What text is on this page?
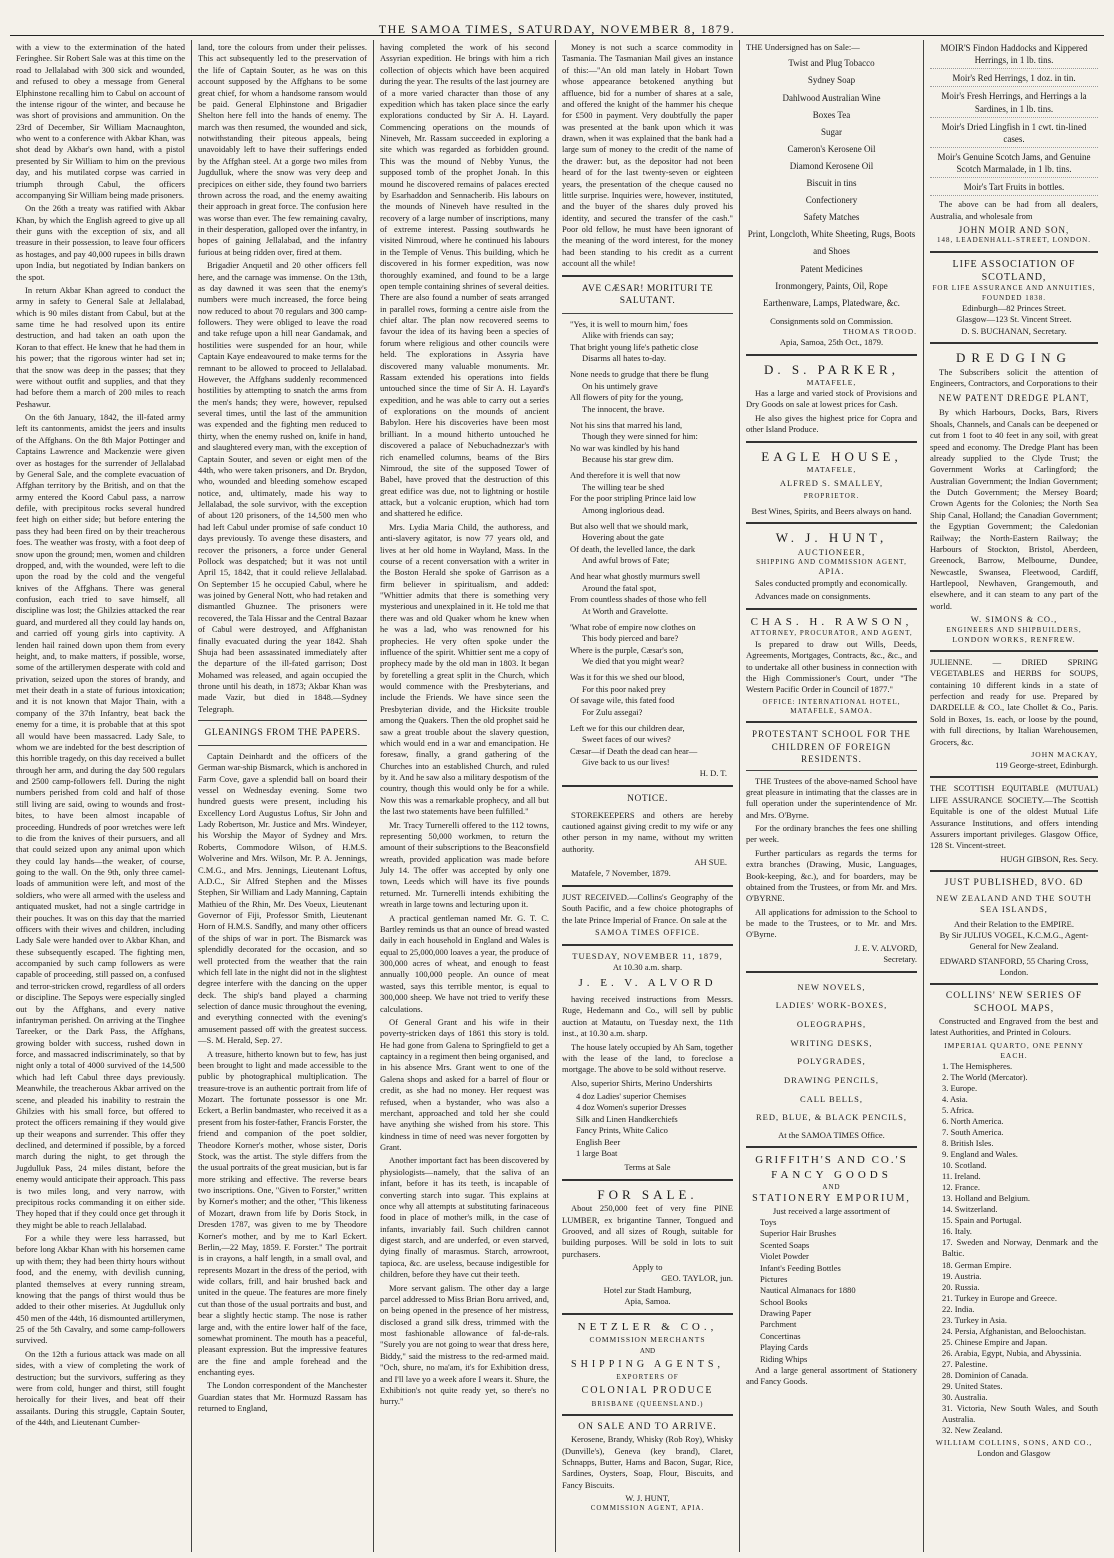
THE SAMOA TIMES, SATURDAY, NOVEMBER 8, 1879.

with a view to the extermination of the hated Feringhee. Sir Robert Sale was at this time on the road to Jellalabad with 300 sick and wounded, and refused to obey a message from General Elphinstone recalling him to Cabul on account of the intense rigour of the winter, and because he was short of provisions and ammunition. On the 23rd of December, Sir William Macnaughton, who went to a conference with Akbar Khan, was shot dead by Akbar's own hand, with a pistol presented by Sir William to him on the previous day, and his mutilated corpse was carried in triumph through Cabul, the officers accompanying Sir William being made prisoners.

On the 26th a treaty was ratified with Akbar Khan, by which the English agreed to give up all their guns with the exception of six, and all treasure in their possession, to leave four officers as hostages, and pay 40,000 rupees in bills drawn upon India, but negotiated by Indian bankers on the spot.

In return Akbar Khan agreed to conduct the army in safety to General Sale at Jellalabad, which is 90 miles distant from Cabul, but at the same time he had resolved upon its entire destruction, and had taken an oath upon the Koran to that effect. He knew that he had them in his power; that the rigorous winter had set in; that the snow was deep in the passes; that they were without outfit and supplies, and that they had before them a march of 200 miles to reach Peshawur.

On the 6th January, 1842, the ill-fated army left its cantonments, amidst the jeers and insults of the Affghans. On the 8th Major Pottinger and Captains Lawrence and Mackenzie were given over as hostages for the surrender of Jellalabad by General Sale, and the complete evacuation of Affghan territory by the British, and on that the army entered the Koord Cabul pass, a narrow defile, with precipitous rocks several hundred feet high on either side; but before entering the pass they had been fired on by their treacherous foes. The weather was frosty, with a foot deep of snow upon the ground; men, women and children dropped, and, with the wounded, were left to die upon the road by the cold and the vengeful knives of the Affghans. There was general confusion, each tried to save himself, all discipline was lost; the Ghilzies attacked the rear guard, and murdered all they could lay hands on, and carried off young girls into captivity. A lenden hail rained down upon them from every height, and, to make matters, if possible, worse, some of the artillerymen desperate with cold and privation, seized upon the stores of brandy, and met their death in a state of furious intoxication; and it is not known that Major Thain, with a company of the 37th Infantry, beat back the enemy for a time, it is probable that at this spot all would have been massacred. Lady Sale, to whom we are indebted for the best description of this horrible tragedy, on this day received a bullet through her arm, and during the day 500 regulars and 2500 camp-followers fell. During the night numbers perished from cold and half of those still living are said, owing to wounds and frost-bites, to have been almost incapable of proceeding. Hundreds of poor wretches were left to die from the knives of their pursuers, and all that could seized upon any animal upon which they could lay hands—the weaker, of course, going to the wall. On the 9th, only three camel-loads of ammunition were left, and most of the soldiers, who were all armed with the useless and antiquated musket, had not a single cartridge in their pouches. It was on this day that the married officers with their wives and children, including Lady Sale were handed over to Akbar Khan, and these subsequently escaped. The fighting men, accompanied by such camp followers as were capable of proceeding, still passed on, a confused and terror-stricken crowd, regardless of all orders or discipline. The Sepoys were especially singled out by the Affghans, and every native infantryman perished. On arriving at the Tinghee Tareeker, or the Dark Pass, the Affghans, growing bolder with success, rushed down in force, and massacred indiscriminately, so that by night only a total of 4000 survived of the 14,500 which had left Cabul three days previously. Meanwhile, the treacherous Akbar arrived on the scene, and pleaded his inability to restrain the Ghilzies with his small force, but offered to protect the officers remaining if they would give up their weapons and surrender. This offer they declined, and determined if possible, by a forced march during the night, to get through the Jugdulluk Pass, 24 miles distant, before the enemy would anticipate their approach. This pass is two miles long, and very narrow, with precipitous rocks commanding it on either side. They hoped that if they could once get through it they might be able to reach Jellalabad.

For a while they were less harrassed, but before long Akbar Khan with his horsemen came up with them; they had been thirty hours without food, and the enemy, with devilish cunning, planted themselves at every running stream, knowing that the pangs of thirst would thus be added to their other miseries. At Jugdulluk only 450 men of the 44th, 16 dismounted artillerymen, 25 of the 5th Cavalry, and some camp-followers survived.

On the 12th a furious attack was made on all sides, with a view of completing the work of destruction; but the survivors, suffering as they were from cold, hunger and thirst, still fought heroically for their lives, and beat off their assailants. During this struggle, Captain Souter, of the 44th, and Lieutenant Cumber-

land, tore the colours from under their pelisses. This act subsequently led to the preservation of the life of Captain Souter, as he was on this account supposed by the Affghans to be some great chief, for whom a handsome ransom would be paid. General Elphinstone and Brigadier Shelton here fell into the hands of enemy. The march was then resumed, the wounded and sick, notwithstanding their piteous appeals, being unavoidably left to have their sufferings ended by the Affghan steel. At a gorge two miles from Jugdulluk, where the snow was very deep and precipices on either side, they found two barriers thrown across the road, and the enemy awaiting their approach in great force. The confusion here was worse than ever. The few remaining cavalry, in their desperation, galloped over the infantry, in hopes of gaining Jellalabad, and the infantry furious at being ridden over, fired at them.

Brigadier Anquetil and 20 other officers fell here, and the carnage was immense. On the 13th, as day dawned it was seen that the enemy's numbers were much increased, the force being now reduced to about 70 regulars and 300 camp-followers. They were obliged to leave the road and take refuge upon a hill near Gandamak, and hostilities were suspended for an hour, while Captain Kaye endeavoured to make terms for the remnant to be allowed to proceed to Jellalabad. However, the Affghans suddenly recommenced hostilities by attempting to snatch the arms from the men's hands; they were, however, repulsed several times, until the last of the ammunition was expended and the fighting men reduced to thirty, when the enemy rushed on, knife in hand, and slaughtered every man, with the exception of Captain Souter, and seven or eight men of the 44th, who were taken prisoners, and Dr. Brydon, who, wounded and bleeding somehow escaped notice, and, ultimately, made his way to Jellalabad, the sole survivor, with the exception of about 120 prisoners, of the 14,500 men who had left Cabul under promise of safe conduct 10 days previously. To avenge these disasters, and recover the prisoners, a force under General Pollock was despatched; but it was not until April 15, 1842, that it could relieve Jellalabad. On September 15 he occupied Cabul, where he was joined by General Nott, who had retaken and dismantled Ghuznee. The prisoners were recovered, the Tala Hissar and the Central Bazaar of Cabul were destroyed, and Affghanistan finally evacuated during the year 1842. Shah Shuja had been assassinated immediately after the departure of the ill-fated garrison; Dost Mohamed was released, and again occupied the throne until his death, in 1873; Akbar Khan was made Vazir, but died in 1848.—Sydney Telegraph.

GLEANINGS FROM THE PAPERS.

Captain Deinhardt and the officers of the German war-ship Bismarck, which is anchored in Farm Cove, gave a splendid ball on board their vessel on Wednesday evening. Some two hundred guests were present, including his Excellency Lord Augustus Loftus, Sir John and Lady Robertson, Mr. Justice and Mrs. Windeyer, his Worship the Mayor of Sydney and Mrs. Roberts, Commodore Wilson, of H.M.S. Wolverine and Mrs. Wilson, Mr. P. A. Jennings, C.M.G., and Mrs. Jennings, Lieutenant Loftus, A.D.C., Sir Alfred Stephen and the Misses Stephen, Sir William and Lady Manning, Captain Mathieu of the Rhin, Mr. Des Voeux, Lieutenant Governor of Fiji, Professor Smith, Lieutenant Horn of H.M.S. Sandfly, and many other officers of the ships of war in port. The Bismarck was splendidly decorated for the occasion, and so well protected from the weather that the rain which fell late in the night did not in the slightest degree interfere with the dancing on the upper deck. The ship's band played a charming selection of dance music throughout the evening, and everything connected with the evening's amusement passed off with the greatest success.—S. M. Herald, Sep. 27.

A treasure, hitherto known but to few, has just been brought to light and made accessible to the public by photographical multiplication. The treasure-trove is an authentic portrait from life of Mozart. The fortunate possessor is one Mr. Eckert, a Berlin bandmaster, who received it as a present from his foster-father, Francis Forster, the friend and companion of the poet soldier, Theodore Korner's mother, whose sister, Doris Stock, was the artist. The style differs from the the usual portraits of the great musician, but is far more striking and effective. The reverse bears two inscriptions. One, "Given to Forster," written by Korner's mother; and the other, "This likeness of Mozart, drawn from life by Doris Stock, in Dresden 1787, was given to me by Theodore Korner's mother, and by me to Karl Eckert. Berlin,—22 May, 1859. F. Forster." The portrait is in crayons, a half length, in a small oval, and represents Mozart in the dress of the period, with wide collars, frill, and hair brushed back and united in the queue. The features are more finely cut than those of the usual portraits and bust, and bear a slightly hectic stamp. The nose is rather large and, with the entire lower half of the face, somewhat prominent. The mouth has a peaceful, pleasant expression. But the impressive features are the fine and ample forehead and the enchanting eyes.

The London correspondent of the Manchester Guardian states that Mr. Hormuzd Rassam has returned to England,

having completed the work of his second Assyrian expedition. He brings with him a rich collection of objects which have been acquired during the year. The results of the last journey are of a more varied character than those of any expedition which has taken place since the early explorations conducted by Sir A. H. Layard. Commencing operations on the mounds of Nineveh, Mr. Rassam succeeded in exploring a site which was regarded as forbidden ground. This was the mound of Nebby Yunus, the supposed tomb of the prophet Jonah. In this mound he discovered remains of palaces erected by Esarhaddon and Sennacherib. His labours on the mounds of Nineveh have resulted in the recovery of a large number of inscriptions, many of extreme interest. Passing southwards he visited Nimroud, where he continued his labours in the Temple of Venus. This building, which he discovered in his former expedition, was now thoroughly examined, and found to be a large open temple containing shrines of several deities. There are also found a number of seats arranged in parallel rows, forming a centre aisle from the chief altar. The plan now recovered seems to favour the idea of its having been a species of forum where religious and other councils were held. The explorations in Assyria have discovered many valuable monuments. Mr. Rassam extended his operations into fields untouched since the time of Sir A. H. Layard's expedition, and he was able to carry out a series of explorations on the mounds of ancient Babylon. Here his discoveries have been most brilliant. In a mound hitherto untouched he discovered a palace of Nebuchadnezzar's with rich enamelled columns, beams of the Birs Nimroud, the site of the supposed Tower of Babel, have proved that the destruction of this great edifice was due, not to lightning or hostile attack, but a volcanic eruption, which had torn and shattered he edifice.

Mrs. Lydia Maria Child, the authoress, and anti-slavery agitator, is now 77 years old, and lives at her old home in Wayland, Mass. In the course of a recent conversation with a writer in the Boston Herald she spoke of Garrison as a firm believer in spiritualism, and added: "Whittier admits that there is something very mysterious and unexplained in it. He told me that there was and old Quaker whom he knew when he was a lad, who was renowned for his prophecies. He very often spoke under the influence of the spirit. Whittier sent me a copy of prophecy made by the old man in 1803. It began by foretelling a great split in the Church, which would commence with the Presbyterians, and include the Friends. We have since seen the Presbyterian divide, and the Hicksite trouble among the Quakers. Then the old prophet said he saw a great trouble about the slavery question, which would end in a war and emancipation. He foresaw, finally, a grand gathering of the Churches into an established Church, and ruled by it. And he saw also a military despotism of the country, though this would only be for a while. Now this was a remarkable prophecy, and all but the last two statements have been fulfilled."

Mr. Tracy Turnerelli offered to the 112 towns, representing 50,000 workmen, to return the amount of their subscriptions to the Beaconsfield wreath, provided application was made before July 14. The offer was accepted by only one town, Leeds which will have its five pounds returned. Mr. Turnerelli intends exhibiting the wreath in large towns and lecturing upon it.

A practical gentleman named Mr. G. T. C. Bartley reminds us that an ounce of bread wasted daily in each household in England and Wales is equal to 25,000,000 loaves a year, the produce of 300,000 acres of wheat, and enough to feast annually 100,000 people. An ounce of meat wasted, says this terrible mentor, is equal to 300,000 sheep. We have not tried to verify these calculations.

Of General Grant and his wife in their poverty-stricken days of 1861 this story is told. He had gone from Galena to Springfield to get a captaincy in a regiment then being organised, and in his absence Mrs. Grant went to one of the Galena shops and asked for a barrel of flour or credit, as she had no money. Her request was refused, when a bystander, who was also a merchant, approached and told her she could have anything she wished from his store. This kindness in time of need was never forgotten by Grant.

Another important fact has been discovered by physiologists—namely, that the saliva of an infant, before it has its teeth, is incapable of converting starch into sugar. This explains at once why all attempts at substituting farinaceous food in place of mother's milk, in the case of infants, invariably fail. Such children cannot digest starch, and are underfed, or even starved, dying finally of marasmus. Starch, arrowroot, tapioca, &c. are useless, because indigestible for children, before they have cut their teeth.

More servant galism. The other day a large parcel addressed to Miss Brian Boru arrived, and, on being opened in the presence of her mistress, disclosed a grand silk dress, trimmed with the most fashionable allowance of fal-de-rals. "Surely you are not going to wear that dress here, Biddy," said the mistress to the red-armed maid. "Och, shure, no ma'am, it's for Exhibition dress, and I'll lave yo a week afore I wears it. Shure, the Exhibition's not quite ready yet, so there's no hurry."

Money is not such a scarce commodity in Tasmania. The Tasmanian Mail gives an instance of this:—"An old man lately in Hobart Town whose appearance betokened anything but affluence, bid for a number of shares at a sale, and offered the knight of the hammer his cheque for £500 in payment. Very doubtfully the paper was presented at the bank upon which it was drawn, when it was explained that the bank had a large sum of money to the credit of the name of the drawer: but, as the depositor had not been heard of for the last twenty-seven or eighteen years, the presentation of the cheque caused no little surprise. Inquiries were, however, instituted, and the buyer of the shares duly proved his identity, and secured the transfer of the cash." Poor old fellow, he must have been ignorant of the meaning of the word interest, for the money had been standing to his credit as a current account all the while!

AVE CÆSAR! MORITURI TE SALUTANT.

"Yes, it is well to mourn him,' foes

Alike with friends can say;

That bright young life's pathetic close

Disarms all hates to-day.

None needs to grudge that there be flung

On his untimely grave

All flowers of pity for the young,

The innocent, the brave.

Not his sins that marred his land,

Though they were sinned for him:

No war was kindled by his hand

Because his star grew dim.

And therefore it is well that now

The willing tear be shed

For the poor stripling Prince laid low

Among inglorious dead.

But also well that we should mark,

Hovering about the gate

Of death, the levelled lance, the dark

And awful brows of Fate;

And hear what ghostly murmurs swell

Around the fatal spot,

From countless shades of those who fell

At Worth and Gravelotte.

'What robe of empire now clothes on

This body pierced and bare?

Where is the purple, Cæsar's son,

We died that you might wear?

Was it for this we shed our blood,

For this poor naked prey

Of savage wile, this fated food

For Zulu assegai?

Left we for this our children dear,

Sweet faces of our wives?

Cæsar—if Death the dead can hear—

Give back to us our lives!

H. D. T.
NOTICE.

STOREKEEPERS and others are hereby cautioned against giving credit to my wife or any other person in my name, without my written authority.

AH SUE.

Matafele, 7 November, 1879.

JUST RECEIVED.—Collins's Geography of the South Pacific, and a few choice photographs of the late Prince Imperial of France. On sale at the

SAMOA TIMES OFFICE.
TUESDAY, NOVEMBER 11, 1879,
At 10.30 a.m. sharp.
J. E. V. ALVORD

having received instructions from Messrs. Ruge, Hedemann and Co., will sell by public auction at Matautu, on Tuesday next, the 11th inst., at 10.30 a.m. sharp.

The house lately occupied by Ah Sam, together with the lease of the land, to foreclose a mortgage. The above to be sold without reserve.

Also, superior Shirts, Merino Undershirts

4 doz Ladies' superior Chemises
4 doz Women's superior Dresses
Silk and Linen Handkerchiefs
Fancy Prints, White Calico
English Beer
1 large Boat
Terms at Sale
FOR SALE.

About 250,000 feet of very fine PINE LUMBER, ex brigantine Tanner, Tongued and Grooved, and all sizes of Rough, suitable for building purposes. Will be sold in lots to suit purchasers.

Apply to
GEO. TAYLOR, jun.
Hotel zur Stadt Hamburg,
Apia, Samoa.
NETZLER & CO.,
COMMISSION MERCHANTS
AND
SHIPPING AGENTS,
EXPORTERS OF
COLONIAL PRODUCE
BRISBANE (QUEENSLAND.)
ON SALE AND TO ARRIVE.

Kerosene, Brandy, Whisky (Rob Roy), Whisky (Dunville's), Geneva (key brand), Claret, Schnapps, Butter, Hams and Bacon, Sugar, Rice, Sardines, Oysters, Soap, Flour, Biscuits, and Fancy Biscuits.

W. J. HUNT,
COMMISSION AGENT, APIA.

THE Undersigned has on Sale:—

Twist and Plug Tobacco
Sydney Soap
Dahlwood Australian Wine
Boxes Tea
Sugar
Cameron's Kerosene Oil
Diamond Kerosene Oil
Biscuit in tins
Confectionery
Safety Matches
Print, Longcloth, White Sheeting, Rugs, Boots and Shoes
Patent Medicines
Ironmongery, Paints, Oil, Rope
Earthenware, Lamps, Platedware, &c.
Consignments sold on Commission.
THOMAS TROOD.
Apia, Samoa, 25th Oct., 1879.
D. S. PARKER,
MATAFELE,

Has a large and varied stock of Provisions and Dry Goods on sale at lowest prices for Cash.

He also gives the highest price for Copra and other Island Produce.

EAGLE HOUSE,
MATAFELE,
ALFRED S. SMALLEY,
PROPRIETOR.

Best Wines, Spirits, and Beers always on hand.

W. J. HUNT,
AUCTIONEER,
SHIPPING AND COMMISSION AGENT,
APIA.

Sales conducted promptly and economically.

Advances made on consignments.

CHAS. H. RAWSON,
ATTORNEY, PROCURATOR, AND AGENT,

Is prepared to draw out Wills, Deeds, Agreements, Mortgages, Contracts, &c., &c., and to undertake all other business in connection with the High Commissioner's Court, under "The Western Pacific Order in Council of 1877."

OFFICE: INTERNATIONAL HOTEL, MATAFELE, SAMOA.
PROTESTANT SCHOOL FOR THE CHILDREN OF FOREIGN RESIDENTS.

THE Trustees of the above-named School have great pleasure in intimating that the classes are in full operation under the superintendence of Mr. and Mrs. O'Byrne.

For the ordinary branches the fees one shilling per week.

Further particulars as regards the terms for extra branches (Drawing, Music, Languages, Book-keeping, &c.), and for boarders, may be obtained from the Trustees, or from Mr. and Mrs. O'BYRNE.

All applications for admission to the School to be made to the Trustees, or to Mr. and Mrs. O'Byrne.

J. E. V. ALVORD,
Secretary.
NEW NOVELS,
LADIES' WORK-BOXES,
OLEOGRAPHS,
WRITING DESKS,
POLYGRADES,
DRAWING PENCILS,
CALL BELLS,
RED, BLUE, & BLACK PENCILS,
At the SAMOA TIMES Office.
GRIFFITH'S AND CO.'S
FANCY GOODS
AND
STATIONERY EMPORIUM,
Just received a large assortment of
Toys
Superior Hair Brushes
Scented Soaps
Violet Powder
Infant's Feeding Bottles
Pictures
Nautical Almanacs for 1880
School Books
Drawing Paper
Parchment
Concertinas
Playing Cards
Riding Whips

And a large general assortment of Stationery and Fancy Goods.

MOIR'S Findon Haddocks and Kippered Herrings, in 1 lb. tins.
Moir's Red Herrings, 1 doz. in tin.
Moir's Fresh Herrings, and Herrings a la Sardines, in 1 lb. tins.
Moir's Dried Lingfish in 1 cwt. tin-lined cases.
Moir's Genuine Scotch Jams, and Genuine Scotch Marmalade, in 1 lb. tins.
Moir's Tart Fruits in bottles.

The above can be had from all dealers, Australia, and wholesale from

JOHN MOIR AND SON,
148, LEADENHALL-STREET, LONDON.
LIFE ASSOCIATION OF SCOTLAND,
FOR LIFE ASSURANCE AND ANNUITIES, FOUNDED 1838.
Edinburgh—82 Princes Street.
Glasgow—123 St. Vincent Street.
D. S. BUCHANAN, Secretary.
DREDGING

The Subscribers solicit the attention of Engineers, Contractors, and Corporations to their

NEW PATENT DREDGE PLANT,

By which Harbours, Docks, Bars, Rivers Shoals, Channels, and Canals can be deepened or cut from 1 foot to 40 feet in any soil, with great speed and economy. The Dredge Plant has been already supplied to the Clyde Trust; the Government Works at Carlingford; the Australian Government; the Indian Government; the Dutch Government; the Mersey Board; Crown Agents for the Colonies; the North Sea Ship Canal, Holland; the Canadian Government; the Egyptian Government; the Caledonian Railway; the North-Eastern Railway; the Harbours of Stockton, Bristol, Aberdeen, Greenock, Barrow, Melbourne, Dundee, Newcastle, Swansea, Fleetwood, Cardiff, Hartlepool, Newhaven, Grangemouth, and elsewhere, and it can steam to any part of the world.

W. SIMONS & CO.,
ENGINEERS AND SHIPBUILDERS,
LONDON WORKS, RENFREW.

JULIENNE. — DRIED SPRING VEGETABLES and HERBS for SOUPS, containing 10 different kinds in a state of perfection and ready for use. Prepared by DARDELLE & CO., late Chollet & Co., Paris. Sold in Boxes, 1s. each, or loose by the pound, with full directions, by Italian Warehousemen, Grocers, &c.

JOHN MACKAY,
119 George-street, Edinburgh.

THE SCOTTISH EQUITABLE (MUTUAL) LIFE ASSURANCE SOCIETY.—The Scottish Equitable is one of the oldest Mutual Life Assurance Institutions, and offers intending Assurers important privileges. Glasgow Office, 128 St. Vincent-street.

HUGH GIBSON, Res. Secy.
JUST PUBLISHED, 8VO. 6D
NEW ZEALAND AND THE SOUTH SEA ISLANDS,
And their Relation to the EMPIRE.
By Sir JULIUS VOGEL, K.C.M.G., Agent-General for New Zealand.
EDWARD STANFORD, 55 Charing Cross, London.
COLLINS' NEW SERIES OF SCHOOL MAPS,

Constructed and Engraved from the best and latest Authorities, and Printed in Colours.

IMPERIAL QUARTO, ONE PENNY EACH.
1. The Hemispheres.
2. The World (Mercator).
3. Europe.
4. Asia.
5. Africa.
6. North America.
7. South America.
8. British Isles.
9. England and Wales.
10. Scotland.
11. Ireland.
12. France.
13. Holland and Belgium.
14. Switzerland.
15. Spain and Portugal.
16. Italy.
17. Sweden and Norway, Denmark and the Baltic.
18. German Empire.
19. Austria.
20. Russia.
21. Turkey in Europe and Greece.
22. India.
23. Turkey in Asia.
24. Persia, Afghanistan, and Beloochistan.
25. Chinese Empire and Japan.
26. Arabia, Egypt, Nubia, and Abyssinia.
27. Palestine.
28. Dominion of Canada.
29. United States.
30. Australia.
31. Victoria, New South Wales, and South Australia.
32. New Zealand.
WILLIAM COLLINS, SONS, AND CO.,
London and Glasgow
